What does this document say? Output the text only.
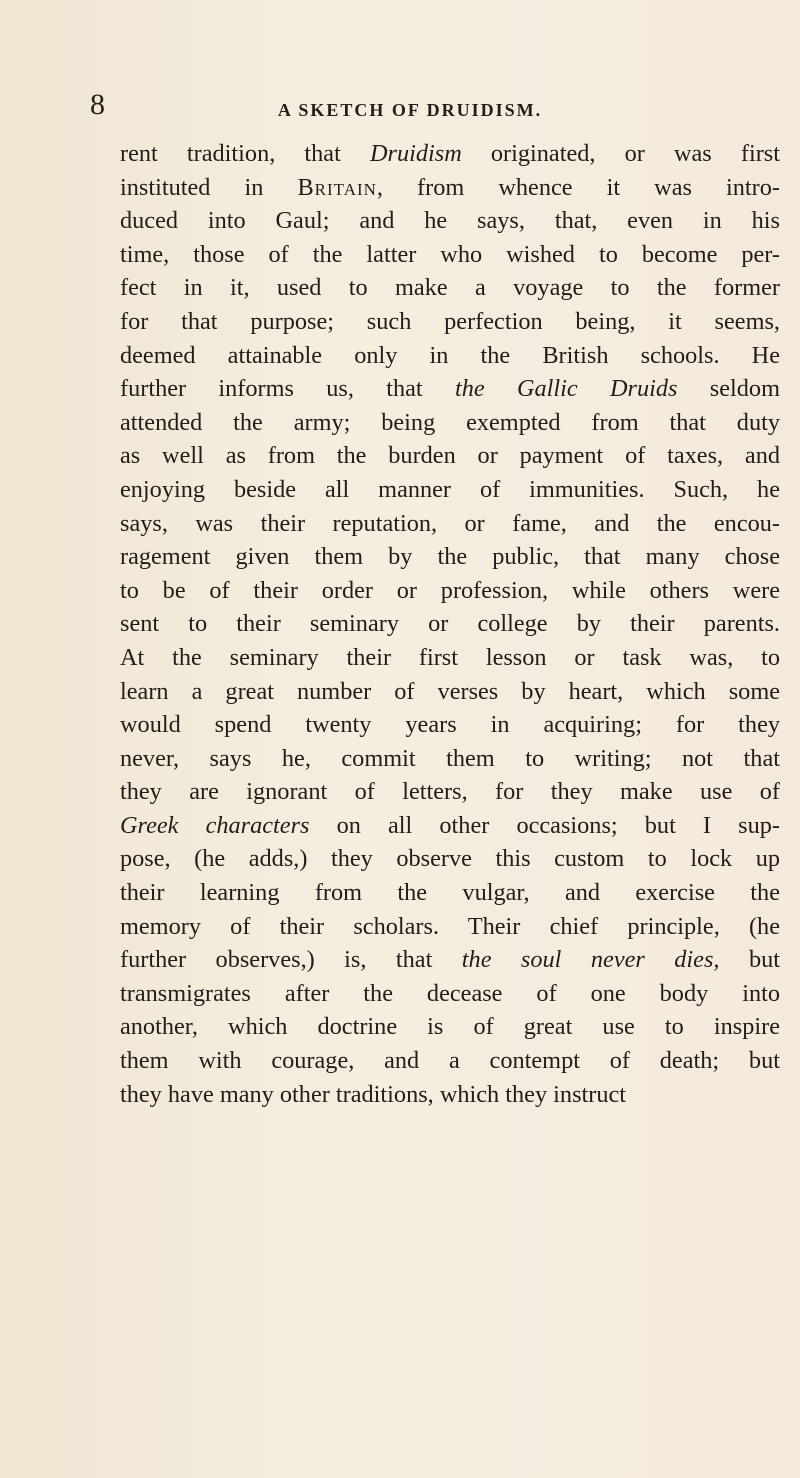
8	A SKETCH OF DRUIDISM.
rent tradition, that Druidism originated, or was first
instituted in Britain, from whence it was intro-
duced into Gaul; and he says, that, even in his
time, those of the latter who wished to become per-
fect in it, used to make a voyage to the former
for that purpose; such perfection being, it seems,
deemed attainable only in the British schools. He
further informs us, that the Gallic Druids seldom
attended the army; being exempted from that duty
as well as from the burden or payment of taxes, and
enjoying beside all manner of immunities. Such, he
says, was their reputation, or fame, and the encou-
ragement given them by the public, that many chose
to be of their order or profession, while others were
sent to their seminary or college by their parents.
At the seminary their first lesson or task was, to
learn a great number of verses by heart, which some
would spend twenty years in acquiring; for they
never, says he, commit them to writing; not that
they are ignorant of letters, for they make use of
Greek characters on all other occasions; but I sup-
pose, (he adds,) they observe this custom to lock up
their learning from the vulgar, and exercise the
memory of their scholars. Their chief principle, (he
further observes,) is, that the soul never dies, but
transmigrates after the decease of one body into
another, which doctrine is of great use to inspire
them with courage, and a contempt of death; but
they have many other traditions, which they instruct
